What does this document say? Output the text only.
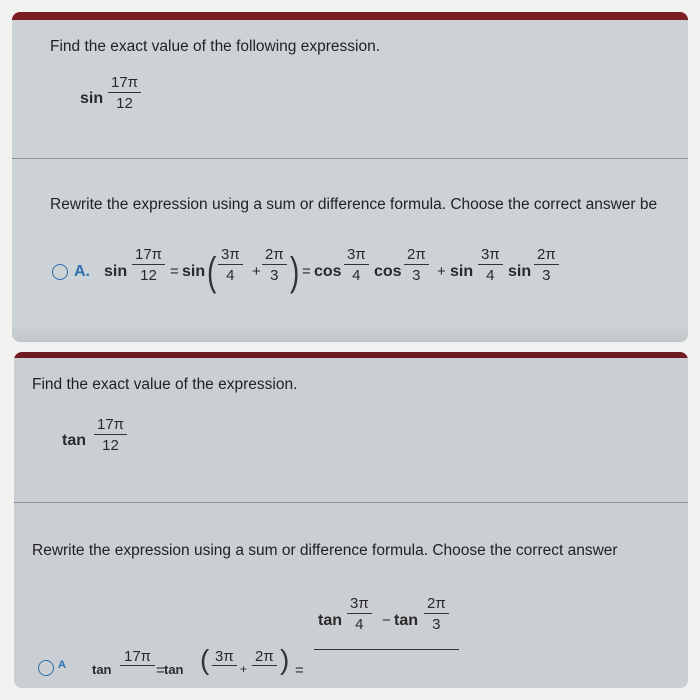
Find the exact value of the following expression.
$\sin \frac{17\pi}{12}$
Rewrite the expression using a sum or difference formula. Choose the correct answer be
A. $\sin \frac{17\pi}{12} = \sin$ ( $\frac{3\pi}{4} + \frac{2\pi}{3}$ ) = $\cos \frac{3\pi}{4}$ $\cos \frac{2\pi}{3} + \sin \frac{3\pi}{4}$ $\sin \frac{2\pi}{3}$
Find the exact value of the expression.
$\tan \frac{17\pi}{12}$
Rewrite the expression using a sum or difference formula. Choose the correct answer
$\tan \frac{3\pi}{4} - \tan \frac{2\pi}{3}$
A tan
17π
= tan ( 3π
+
2π ) =
